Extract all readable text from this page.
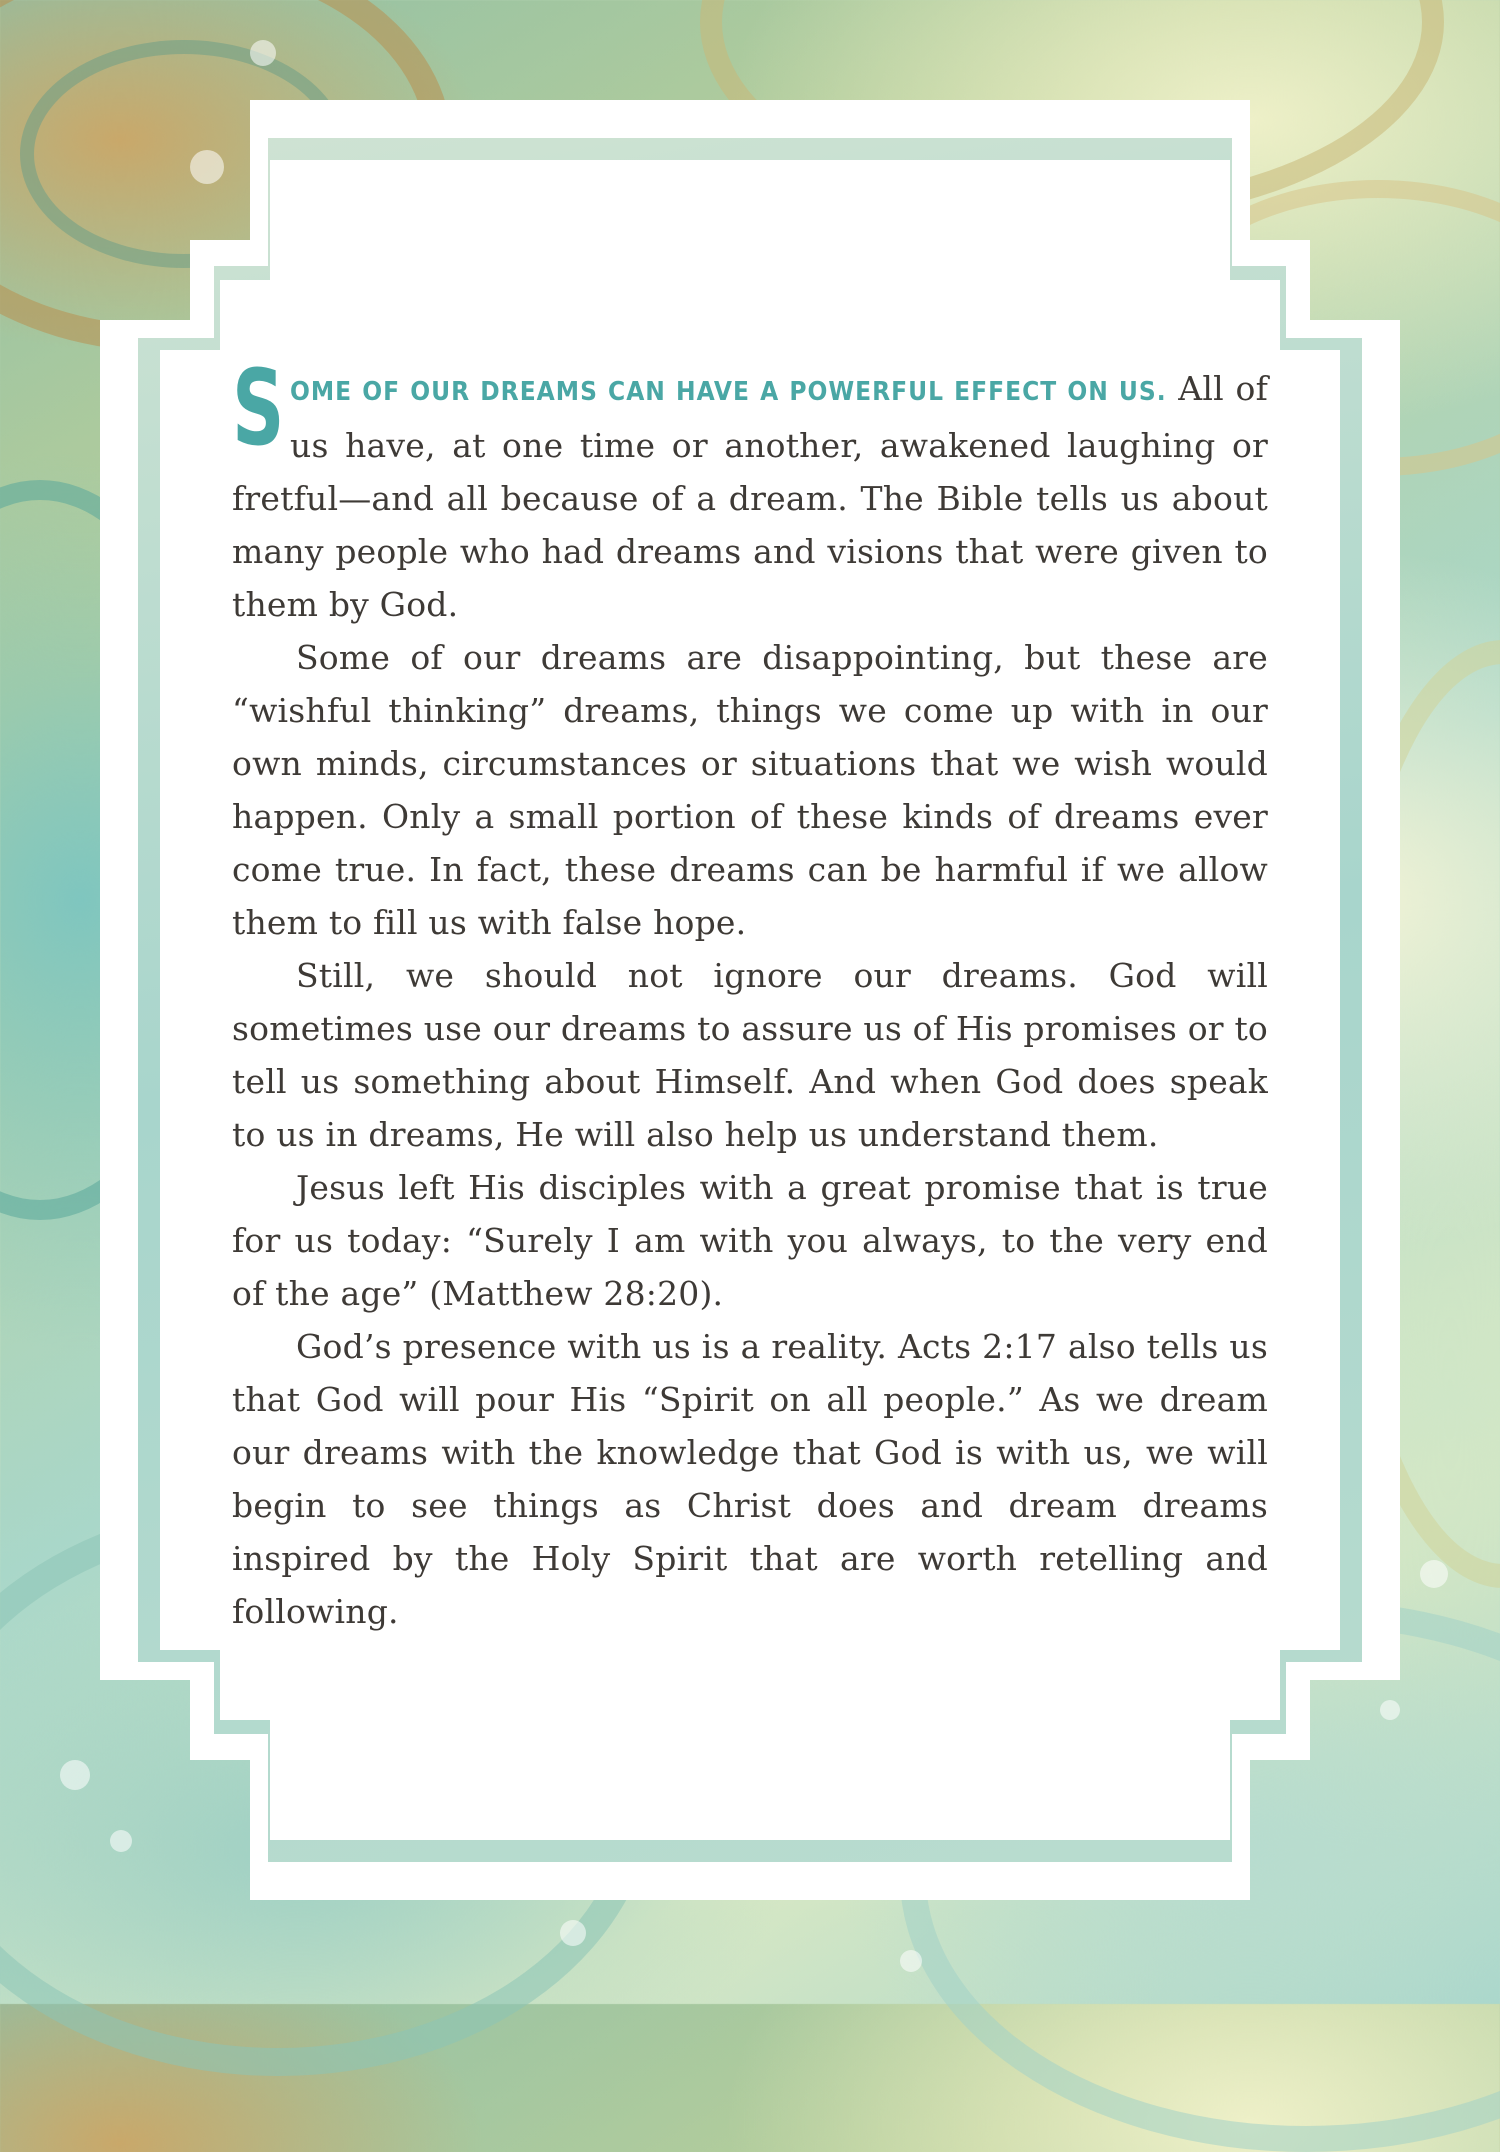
SOME OF OUR DREAMS CAN HAVE A POWERFUL EFFECT ON US. All of us have, at one time or another, awakened laughing or fretful—and all because of a dream. The Bible tells us about many people who had dreams and visions that were given to them by God.

Some of our dreams are disappointing, but these are “wishful thinking” dreams, things we come up with in our own minds, circumstances or situations that we wish would happen. Only a small portion of these kinds of dreams ever come true. In fact, these dreams can be harmful if we allow them to fill us with false hope.

Still, we should not ignore our dreams. God will sometimes use our dreams to assure us of His promises or to tell us something about Himself. And when God does speak to us in dreams, He will also help us understand them.

Jesus left His disciples with a great promise that is true for us today: “Surely I am with you always, to the very end of the age” (Matthew 28:20).

God’s presence with us is a reality. Acts 2:17 also tells us that God will pour His “Spirit on all people.” As we dream our dreams with the knowledge that God is with us, we will begin to see things as Christ does and dream dreams inspired by the Holy Spirit that are worth retelling and following.
